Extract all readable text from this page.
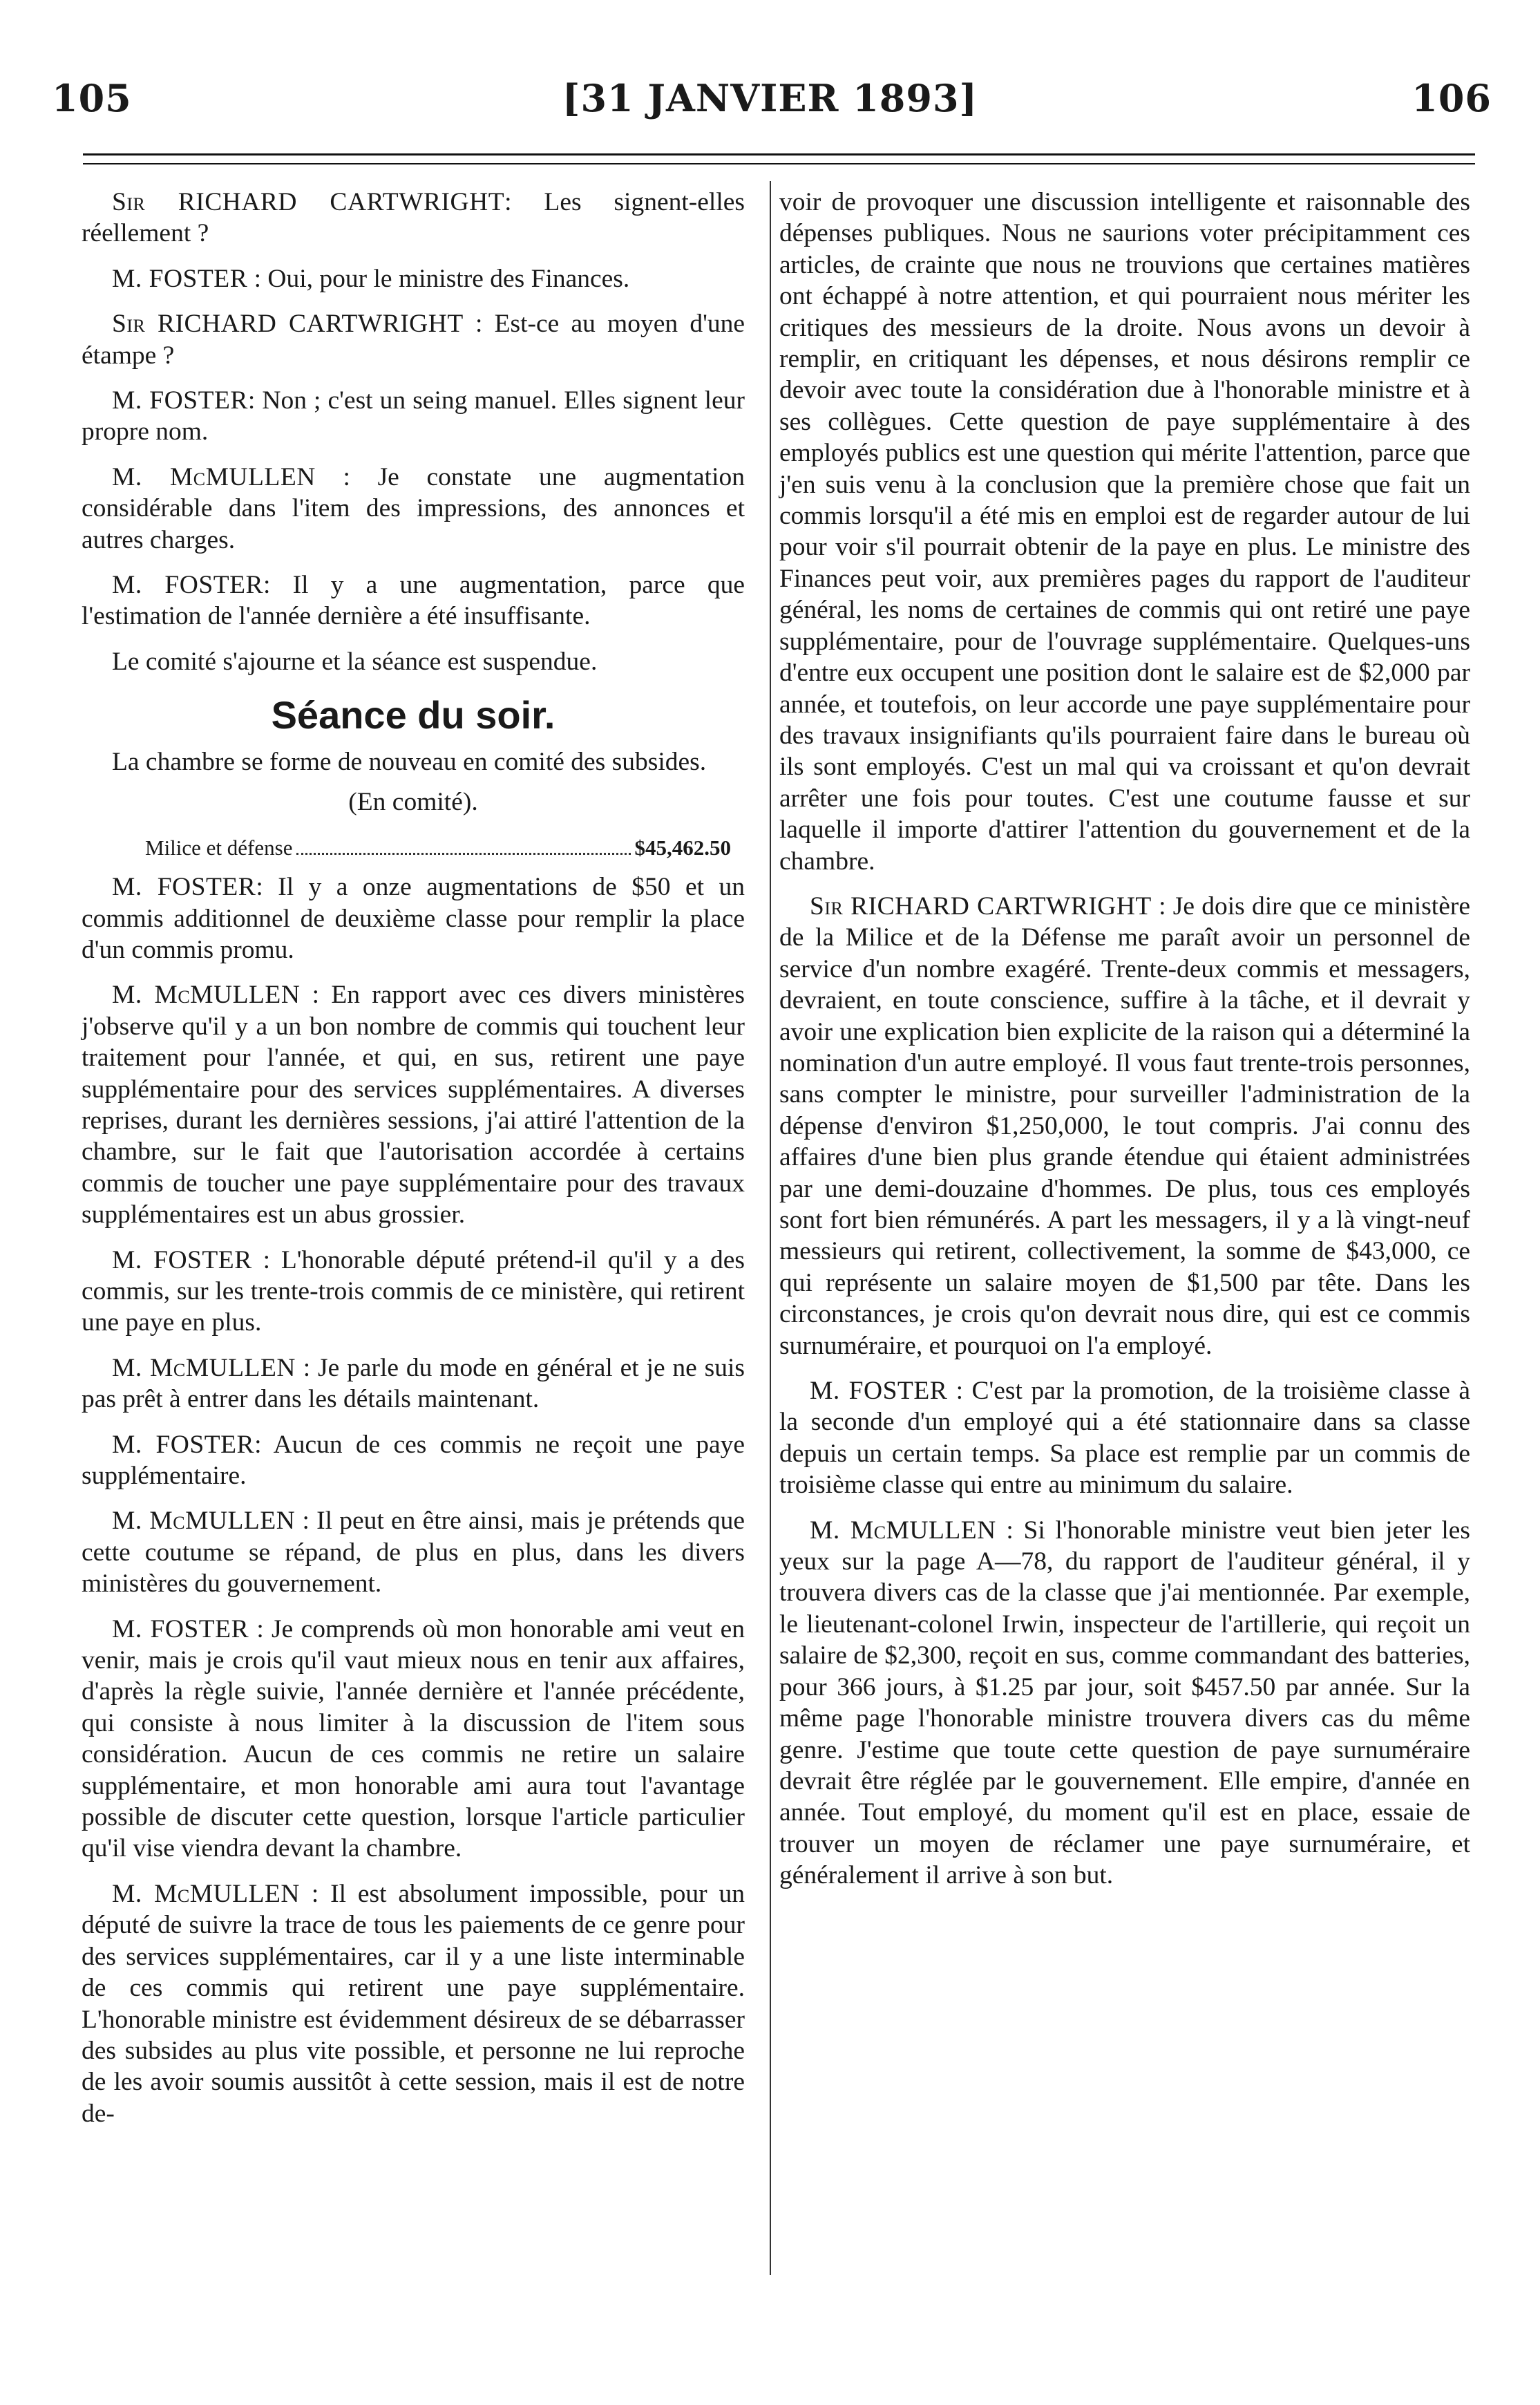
105	[31 JANVIER 1893]	106

Sir RICHARD CARTWRIGHT: Les signent-elles réellement ?

M. FOSTER : Oui, pour le ministre des Finances.

Sir RICHARD CARTWRIGHT : Est-ce au moyen d'une étampe ?

M. FOSTER: Non ; c'est un seing manuel. Elles signent leur propre nom.

M. McMULLEN : Je constate une augmentation considérable dans l'item des impressions, des annonces et autres charges.

M. FOSTER: Il y a une augmentation, parce que l'estimation de l'année dernière a été insuffisante.

Le comité s'ajourne et la séance est suspendue.

Séance du soir.

La chambre se forme de nouveau en comité des subsides.

(En comité).
Milice et défense	$45,462.50

M. FOSTER: Il y a onze augmentations de $50 et un commis additionnel de deuxième classe pour remplir la place d'un commis promu.

M. McMULLEN : En rapport avec ces divers ministères j'observe qu'il y a un bon nombre de commis qui touchent leur traitement pour l'année, et qui, en sus, retirent une paye supplémentaire pour des services supplémentaires. A diverses reprises, durant les dernières sessions, j'ai attiré l'attention de la chambre, sur le fait que l'autorisation accordée à certains commis de toucher une paye supplémentaire pour des travaux supplémentaires est un abus grossier.

M. FOSTER : L'honorable député prétend-il qu'il y a des commis, sur les trente-trois commis de ce ministère, qui retirent une paye en plus.

M. McMULLEN : Je parle du mode en général et je ne suis pas prêt à entrer dans les détails maintenant.

M. FOSTER: Aucun de ces commis ne reçoit une paye supplémentaire.

M. McMULLEN : Il peut en être ainsi, mais je prétends que cette coutume se répand, de plus en plus, dans les divers ministères du gouvernement.

M. FOSTER : Je comprends où mon honorable ami veut en venir, mais je crois qu'il vaut mieux nous en tenir aux affaires, d'après la règle suivie, l'année dernière et l'année précédente, qui consiste à nous limiter à la discussion de l'item sous considération. Aucun de ces commis ne retire un salaire supplémentaire, et mon honorable ami aura tout l'avantage possible de discuter cette question, lorsque l'article particulier qu'il vise viendra devant la chambre.

M. McMULLEN : Il est absolument impossible, pour un député de suivre la trace de tous les paiements de ce genre pour des services supplémentaires, car il y a une liste interminable de ces commis qui retirent une paye supplémentaire. L'honorable ministre est évidemment désireux de se débarrasser des subsides au plus vite possible, et personne ne lui reproche de les avoir soumis aussitôt à cette session, mais il est de notre de-

voir de provoquer une discussion intelligente et raisonnable des dépenses publiques. Nous ne saurions voter précipitamment ces articles, de crainte que nous ne trouvions que certaines matières ont échappé à notre attention, et qui pourraient nous mériter les critiques des messieurs de la droite. Nous avons un devoir à remplir, en critiquant les dépenses, et nous désirons remplir ce devoir avec toute la considération due à l'honorable ministre et à ses collègues. Cette question de paye supplémentaire à des employés publics est une question qui mérite l'attention, parce que j'en suis venu à la conclusion que la première chose que fait un commis lorsqu'il a été mis en emploi est de regarder autour de lui pour voir s'il pourrait obtenir de la paye en plus. Le ministre des Finances peut voir, aux premières pages du rapport de l'auditeur général, les noms de certaines de commis qui ont retiré une paye supplémentaire, pour de l'ouvrage supplémentaire. Quelques-uns d'entre eux occupent une position dont le salaire est de $2,000 par année, et toutefois, on leur accorde une paye supplémentaire pour des travaux insignifiants qu'ils pourraient faire dans le bureau où ils sont employés. C'est un mal qui va croissant et qu'on devrait arrêter une fois pour toutes. C'est une coutume fausse et sur laquelle il importe d'attirer l'attention du gouvernement et de la chambre.

Sir RICHARD CARTWRIGHT : Je dois dire que ce ministère de la Milice et de la Défense me paraît avoir un personnel de service d'un nombre exagéré. Trente-deux commis et messagers, devraient, en toute conscience, suffire à la tâche, et il devrait y avoir une explication bien explicite de la raison qui a déterminé la nomination d'un autre employé. Il vous faut trente-trois personnes, sans compter le ministre, pour surveiller l'administration de la dépense d'environ $1,250,000, le tout compris. J'ai connu des affaires d'une bien plus grande étendue qui étaient administrées par une demi-douzaine d'hommes. De plus, tous ces employés sont fort bien rémunérés. A part les messagers, il y a là vingt-neuf messieurs qui retirent, collectivement, la somme de $43,000, ce qui représente un salaire moyen de $1,500 par tête. Dans les circonstances, je crois qu'on devrait nous dire, qui est ce commis surnuméraire, et pourquoi on l'a employé.

M. FOSTER : C'est par la promotion, de la troisième classe à la seconde d'un employé qui a été stationnaire dans sa classe depuis un certain temps. Sa place est remplie par un commis de troisième classe qui entre au minimum du salaire.

M. McMULLEN : Si l'honorable ministre veut bien jeter les yeux sur la page A—78, du rapport de l'auditeur général, il y trouvera divers cas de la classe que j'ai mentionnée. Par exemple, le lieutenant-colonel Irwin, inspecteur de l'artillerie, qui reçoit un salaire de $2,300, reçoit en sus, comme commandant des batteries, pour 366 jours, à $1.25 par jour, soit $457.50 par année. Sur la même page l'honorable ministre trouvera divers cas du même genre. J'estime que toute cette question de paye surnuméraire devrait être réglée par le gouvernement. Elle empire, d'année en année. Tout employé, du moment qu'il est en place, essaie de trouver un moyen de réclamer une paye surnuméraire, et généralement il arrive à son but.
